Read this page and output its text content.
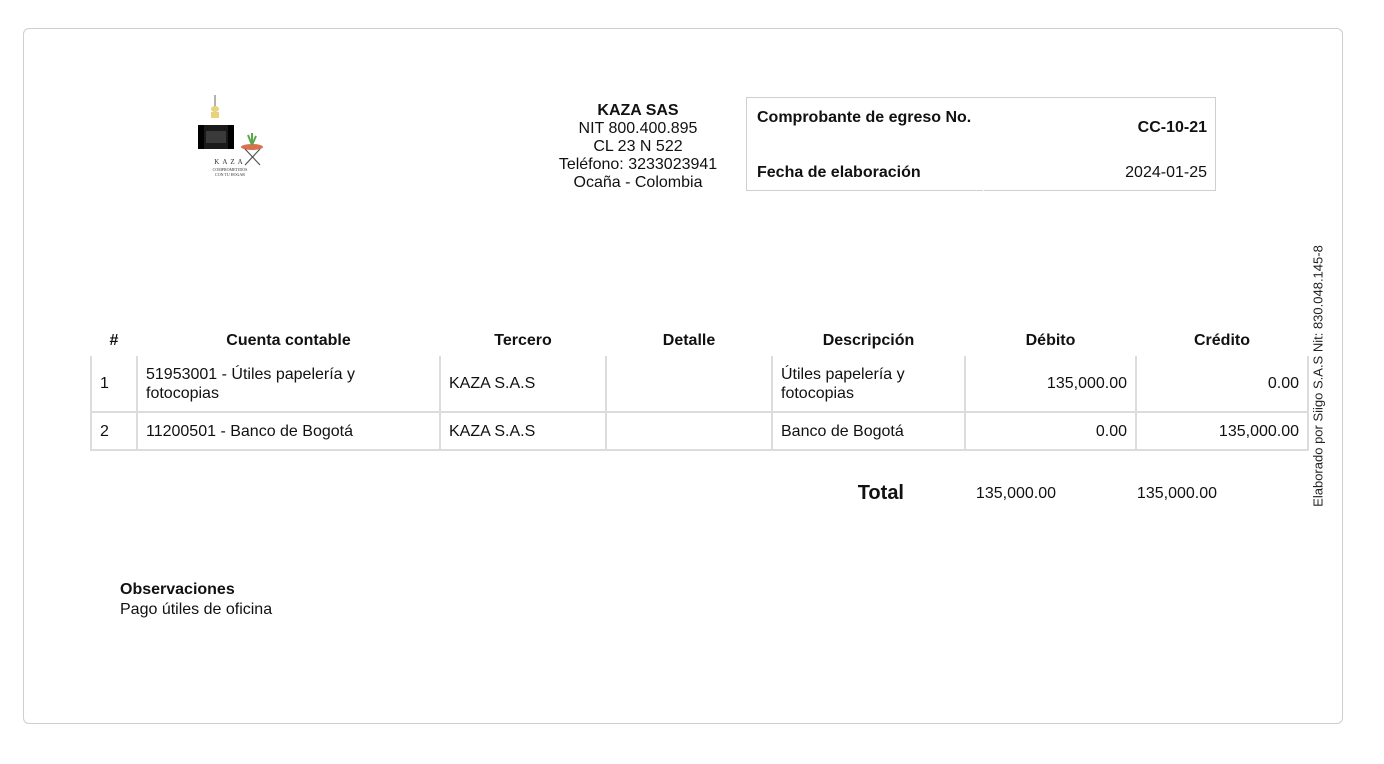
KAZA
COMPROMETIDOS
CON TU HOGAR
KAZA SAS
NIT 800.400.895
CL 23 N 522
Teléfono: 3233023941
Ocaña - Colombia
Comprobante de egreso No.
CC-10-21
Fecha de elaboración	2024-01-25
Elaborado por Siigo S.A.S Nit: 830.048.145-8
#	Cuenta contable	Tercero	Detalle	Descripción	Débito	Crédito
1	51953001 - Útiles papelería y fotocopias	KAZA S.A.S		Útiles papelería y fotocopias	135,000.00	0.00
2	11200501 - Banco de Bogotá	KAZA S.A.S		Banco de Bogotá	0.00	135,000.00
Total	135,000.00	135,000.00
Observaciones
Pago útiles de oficina
